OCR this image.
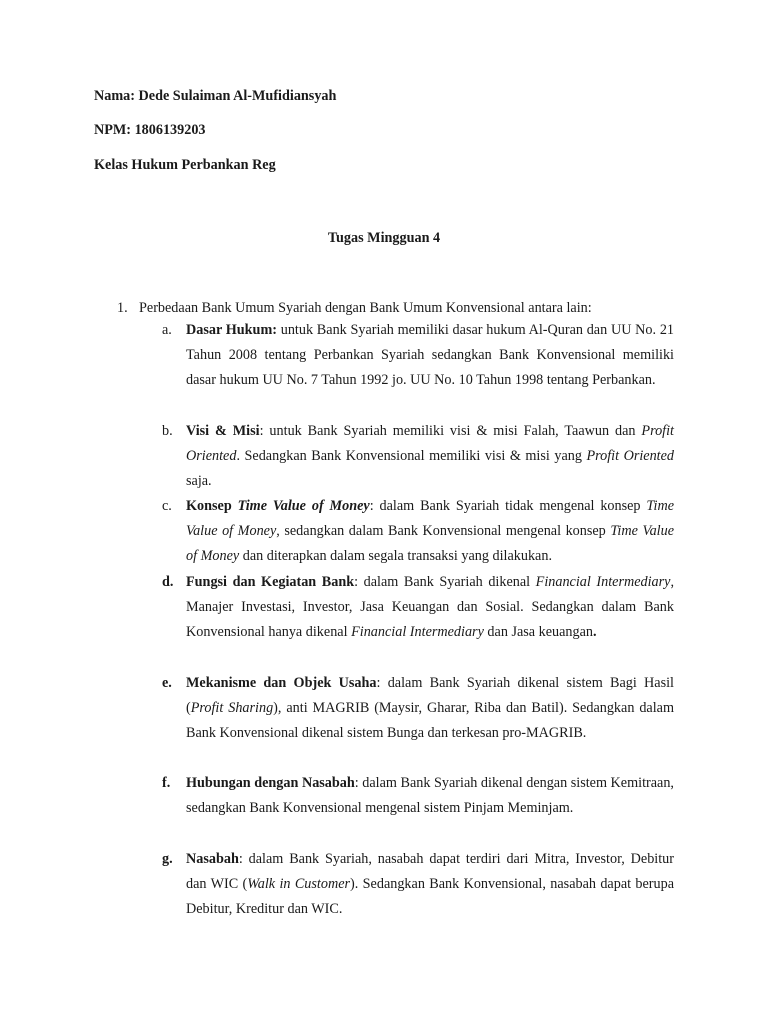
Nama: Dede Sulaiman Al-Mufidiansyah
NPM: 1806139203
Kelas Hukum Perbankan Reg
Tugas Mingguan 4
1. Perbedaan Bank Umum Syariah dengan Bank Umum Konvensional antara lain:
a. Dasar Hukum: untuk Bank Syariah memiliki dasar hukum Al-Quran dan UU No. 21 Tahun 2008 tentang Perbankan Syariah sedangkan Bank Konvensional memiliki dasar hukum UU No. 7 Tahun 1992 jo. UU No. 10 Tahun 1998 tentang Perbankan.
b. Visi & Misi: untuk Bank Syariah memiliki visi & misi Falah, Taawun dan Profit Oriented. Sedangkan Bank Konvensional memiliki visi & misi yang Profit Oriented saja.
c. Konsep Time Value of Money: dalam Bank Syariah tidak mengenal konsep Time Value of Money, sedangkan dalam Bank Konvensional mengenal konsep Time Value of Money dan diterapkan dalam segala transaksi yang dilakukan.
d. Fungsi dan Kegiatan Bank: dalam Bank Syariah dikenal Financial Intermediary, Manajer Investasi, Investor, Jasa Keuangan dan Sosial. Sedangkan dalam Bank Konvensional hanya dikenal Financial Intermediary dan Jasa keuangan.
e. Mekanisme dan Objek Usaha: dalam Bank Syariah dikenal sistem Bagi Hasil (Profit Sharing), anti MAGRIB (Maysir, Gharar, Riba dan Batil). Sedangkan dalam Bank Konvensional dikenal sistem Bunga dan terkesan pro-MAGRIB.
f.	Hubungan dengan Nasabah: dalam Bank Syariah dikenal dengan sistem Kemitraan, sedangkan Bank Konvensional mengenal sistem Pinjam Meminjam.
g. Nasabah: dalam Bank Syariah, nasabah dapat terdiri dari Mitra, Investor, Debitur dan WIC (Walk in Customer). Sedangkan Bank Konvensional, nasabah dapat berupa Debitur, Kreditur dan WIC.
